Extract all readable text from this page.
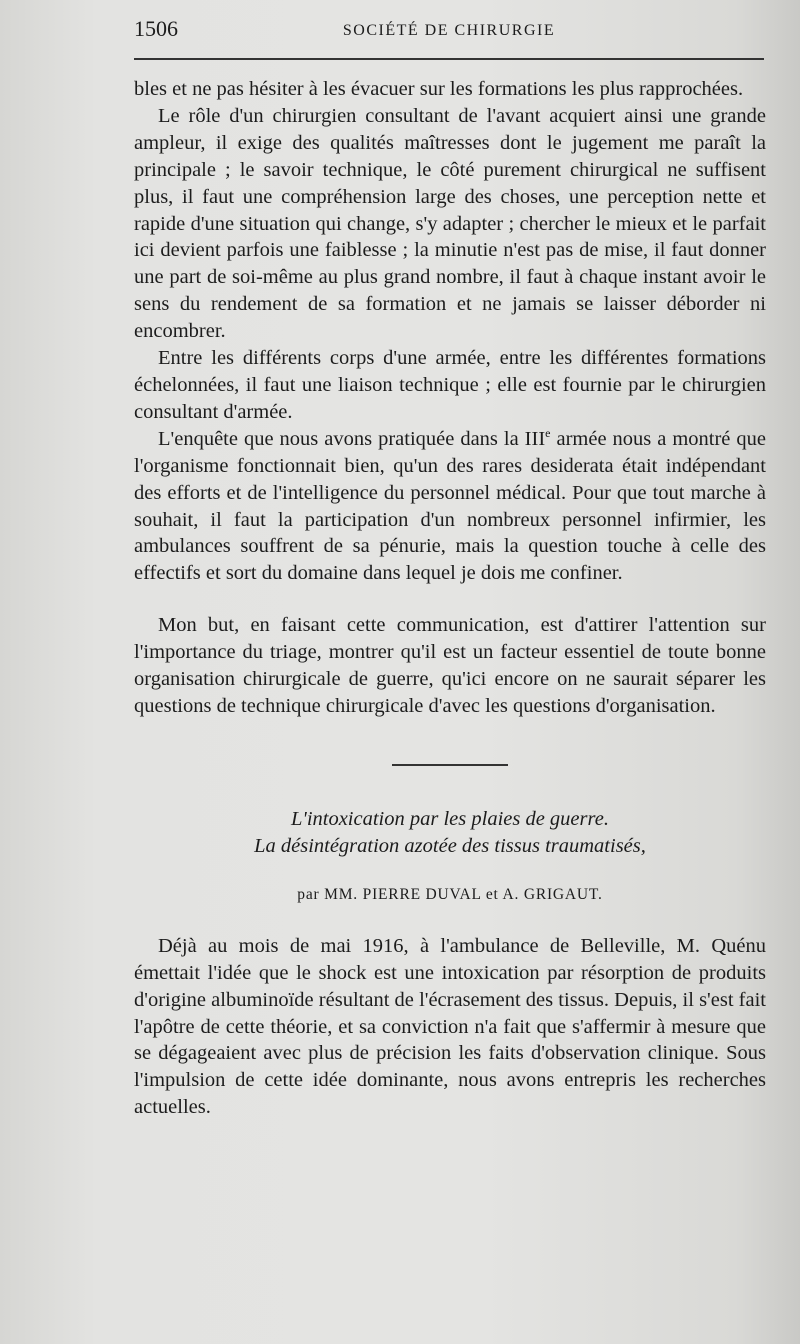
1506	SOCIÉTÉ DE CHIRURGIE

bles et ne pas hésiter à les évacuer sur les formations les plus rapprochées.

Le rôle d'un chirurgien consultant de l'avant acquiert ainsi une grande ampleur, il exige des qualités maîtresses dont le jugement me paraît la principale ; le savoir technique, le côté purement chirurgical ne suffisent plus, il faut une compréhension large des choses, une perception nette et rapide d'une situation qui change, s'y adapter ; chercher le mieux et le parfait ici devient parfois une faiblesse ; la minutie n'est pas de mise, il faut donner une part de soi-même au plus grand nombre, il faut à chaque instant avoir le sens du rendement de sa formation et ne jamais se laisser déborder ni encombrer.

Entre les différents corps d'une armée, entre les différentes formations échelonnées, il faut une liaison technique ; elle est fournie par le chirurgien consultant d'armée.

L'enquête que nous avons pratiquée dans la IIIe armée nous a montré que l'organisme fonctionnait bien, qu'un des rares desiderata était indépendant des efforts et de l'intelligence du personnel médical. Pour que tout marche à souhait, il faut la participation d'un nombreux personnel infirmier, les ambulances souffrent de sa pénurie, mais la question touche à celle des effectifs et sort du domaine dans lequel je dois me confiner.

Mon but, en faisant cette communication, est d'attirer l'attention sur l'importance du triage, montrer qu'il est un facteur essentiel de toute bonne organisation chirurgicale de guerre, qu'ici encore on ne saurait séparer les questions de technique chirurgicale d'avec les questions d'organisation.

L'intoxication par les plaies de guerre.
La désintégration azotée des tissus traumatisés,
par MM. PIERRE DUVAL et A. GRIGAUT.

Déjà au mois de mai 1916, à l'ambulance de Belleville, M. Quénu émettait l'idée que le shock est une intoxication par résorption de produits d'origine albuminoïde résultant de l'écrasement des tissus. Depuis, il s'est fait l'apôtre de cette théorie, et sa conviction n'a fait que s'affermir à mesure que se dégageaient avec plus de précision les faits d'observation clinique. Sous l'impulsion de cette idée dominante, nous avons entrepris les recherches actuelles.
